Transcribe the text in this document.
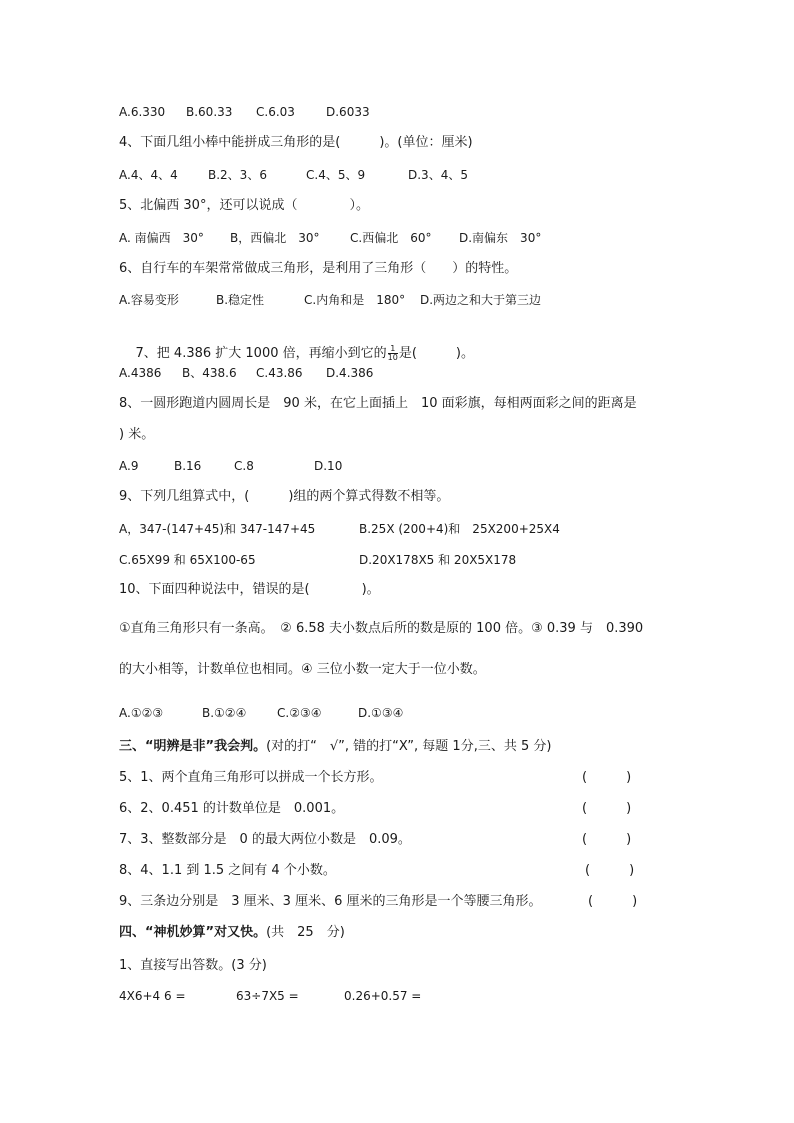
A.6.330 B.60.33 C.6.03	D.6033
4、下面几组小棒中能拼成三角形的是(　　　)。(单位：厘米)
A.4、4、4	B.2、3、6	C.4、5、9	D.3、4、5
5、北偏西 30°，还可以说成（　　　　）。
A. 南偏西　30° B，西偏北　30°	C.西偏北　60° D.南偏东　30°
6、自行车的车架常常做成三角形，是利用了三角形（　　）的特性。
A.容易变形	B.稳定性	C.内角和是　180° D.两边之和大于第三边

7、把 4.386 扩大 1000 倍，再缩小到它的 $\frac{1}{10}$ 是(　　　)。

A.4386 B、438.6 C.43.86 D.4.386
8、一圆形跑道内圆周长是　90 米，在它上面插上　10 面彩旗，每相两面彩之间的距离是
) 米。
A.9	B.16	C.8	D.10
9、下列几组算式中，(　　　)组的两个算式得数不相等。
A，347-(147+45)和 347-147+45	B.25X (200+4)和　25X200+25X4
C.65X99 和 65X100-65	D.20X178X5 和 20X5X178
10、下面四种说法中，错误的是(　　　　)。
①直角三角形只有一条高。　② 6.58 夫小数点后所的数是原的 100 倍。③ 0.39 与　0.390
的大小相等，计数单位也相同。④ 三位小数一定大于一位小数。
A.①②③	B.①②④	C.②③④	D.①③④
三、“明辨是非”我会判。(对的打“　√”, 错的打“X”, 每题 1分,三、共 5 分)
5、1、两个直角三角形可以拼成一个长方形。	(　　　)
6、2、0.451 的计数单位是　0.001。	(　　　)
7、3、整数部分是　0 的最大两位小数是　0.09。	(　　　)
8、4、1.1 到 1.5 之间有 4 个小数。	(　　　)
9、三条边分别是　3 厘米、3 厘米、6 厘米的三角形是一个等腰三角形。	(　　　)
四、“神机妙算”对又快。(共　25　分)
1、直接写出答数。(3 分)
4X6+4 6 =	63÷7X5 =	0.26+0.57 =
